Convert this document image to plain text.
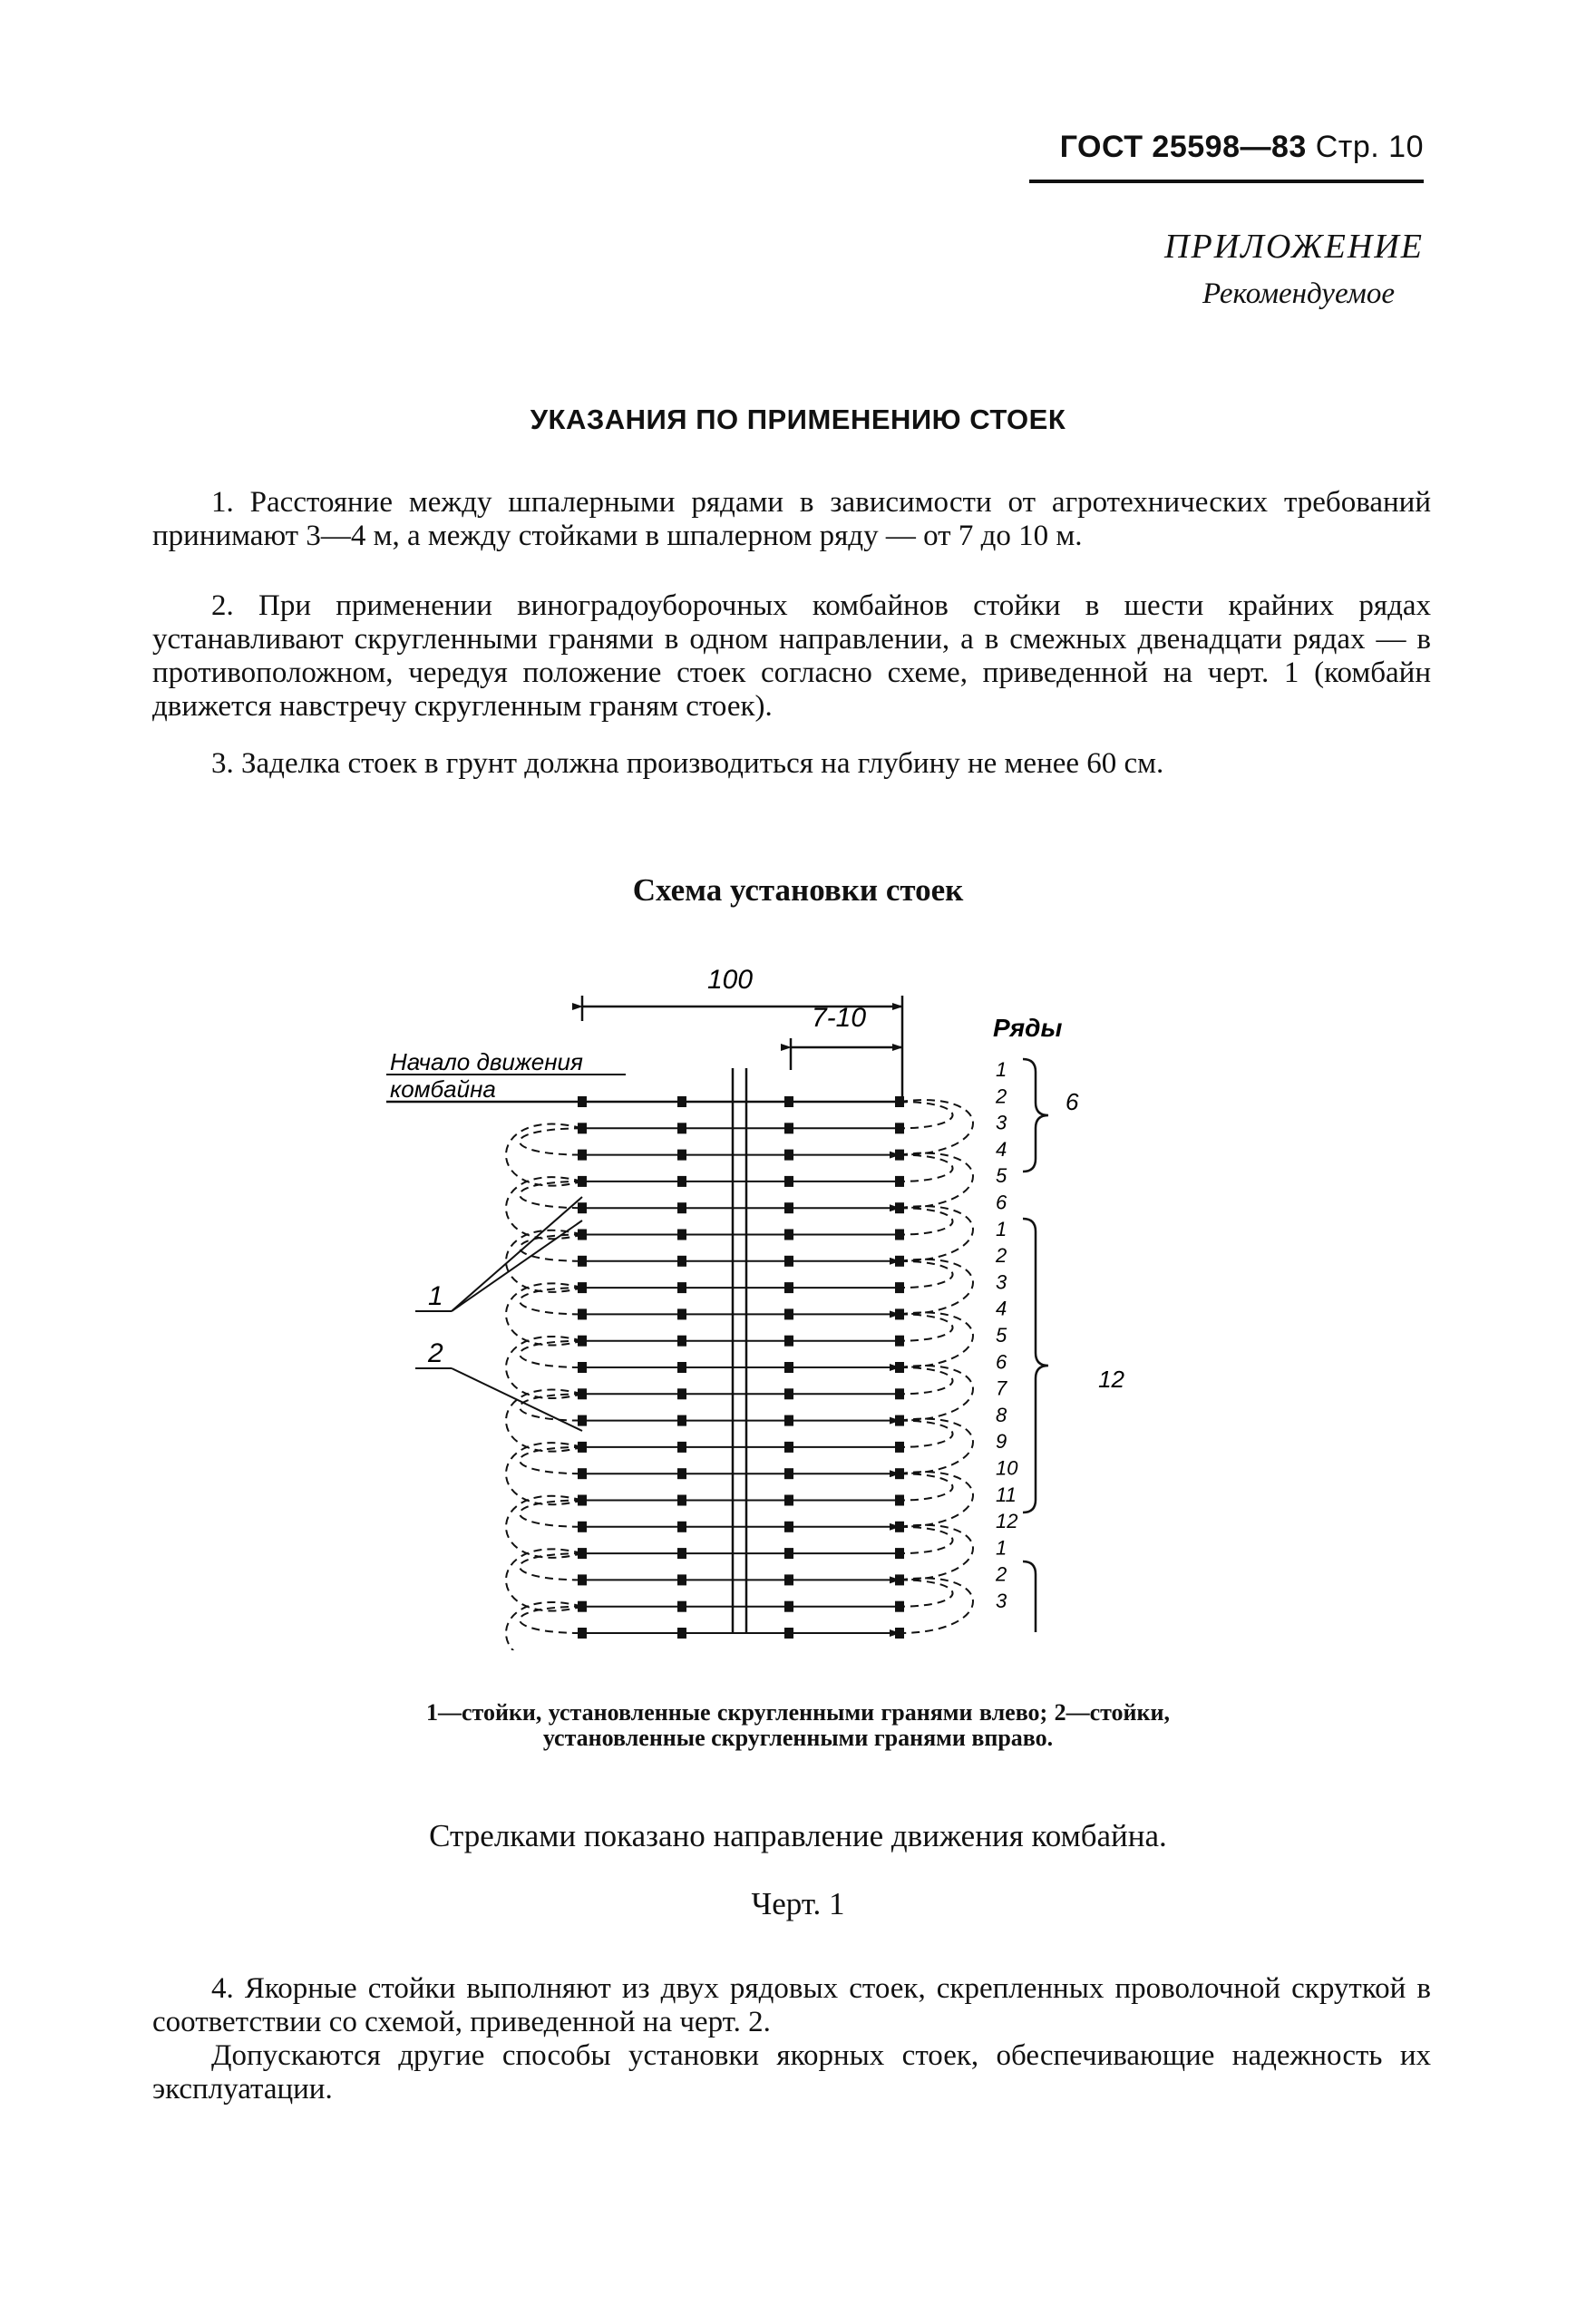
ГОСТ 25598—83 Стр. 10
ПРИЛОЖЕНИЕ
Рекомендуемое
УКАЗАНИЯ ПО ПРИМЕНЕНИЮ СТОЕК

1. Расстояние между шпалерными рядами в зависимости от агротехнических требований принимают 3—4 м, а между стойками в шпалерном ряду — от 7 до 10 м.

2. При применении виноградоуборочных комбайнов стойки в шести крайних рядах устанавливают скругленными гранями в одном направлении, а в смежных двенадцати рядах — в противоположном, чередуя положение стоек согласно схеме, приведенной на черт. 1 (комбайн движется навстречу скругленным граням стоек).

3. Заделка стоек в грунт должна производиться на глубину не менее 60 см.

Схема установки стоек
100
7-10	Ряды
Начало движения
комбайна
1
2
3
4
5
6
1
2
3
4
5
6
7
8
9
10
11
12
1
2
3
6
12
1
2
1—стойки, установленные скругленными гранями влево; 2—стойки, установленные скругленными гранями вправо.
Стрелками показано направление движения комбайна.
Черт. 1

4. Якорные стойки выполняют из двух рядовых стоек, скрепленных проволочной скруткой в соответствии со схемой, приведенной на черт. 2.

Допускаются другие способы установки якорных стоек, обеспечивающие надежность их эксплуатации.
